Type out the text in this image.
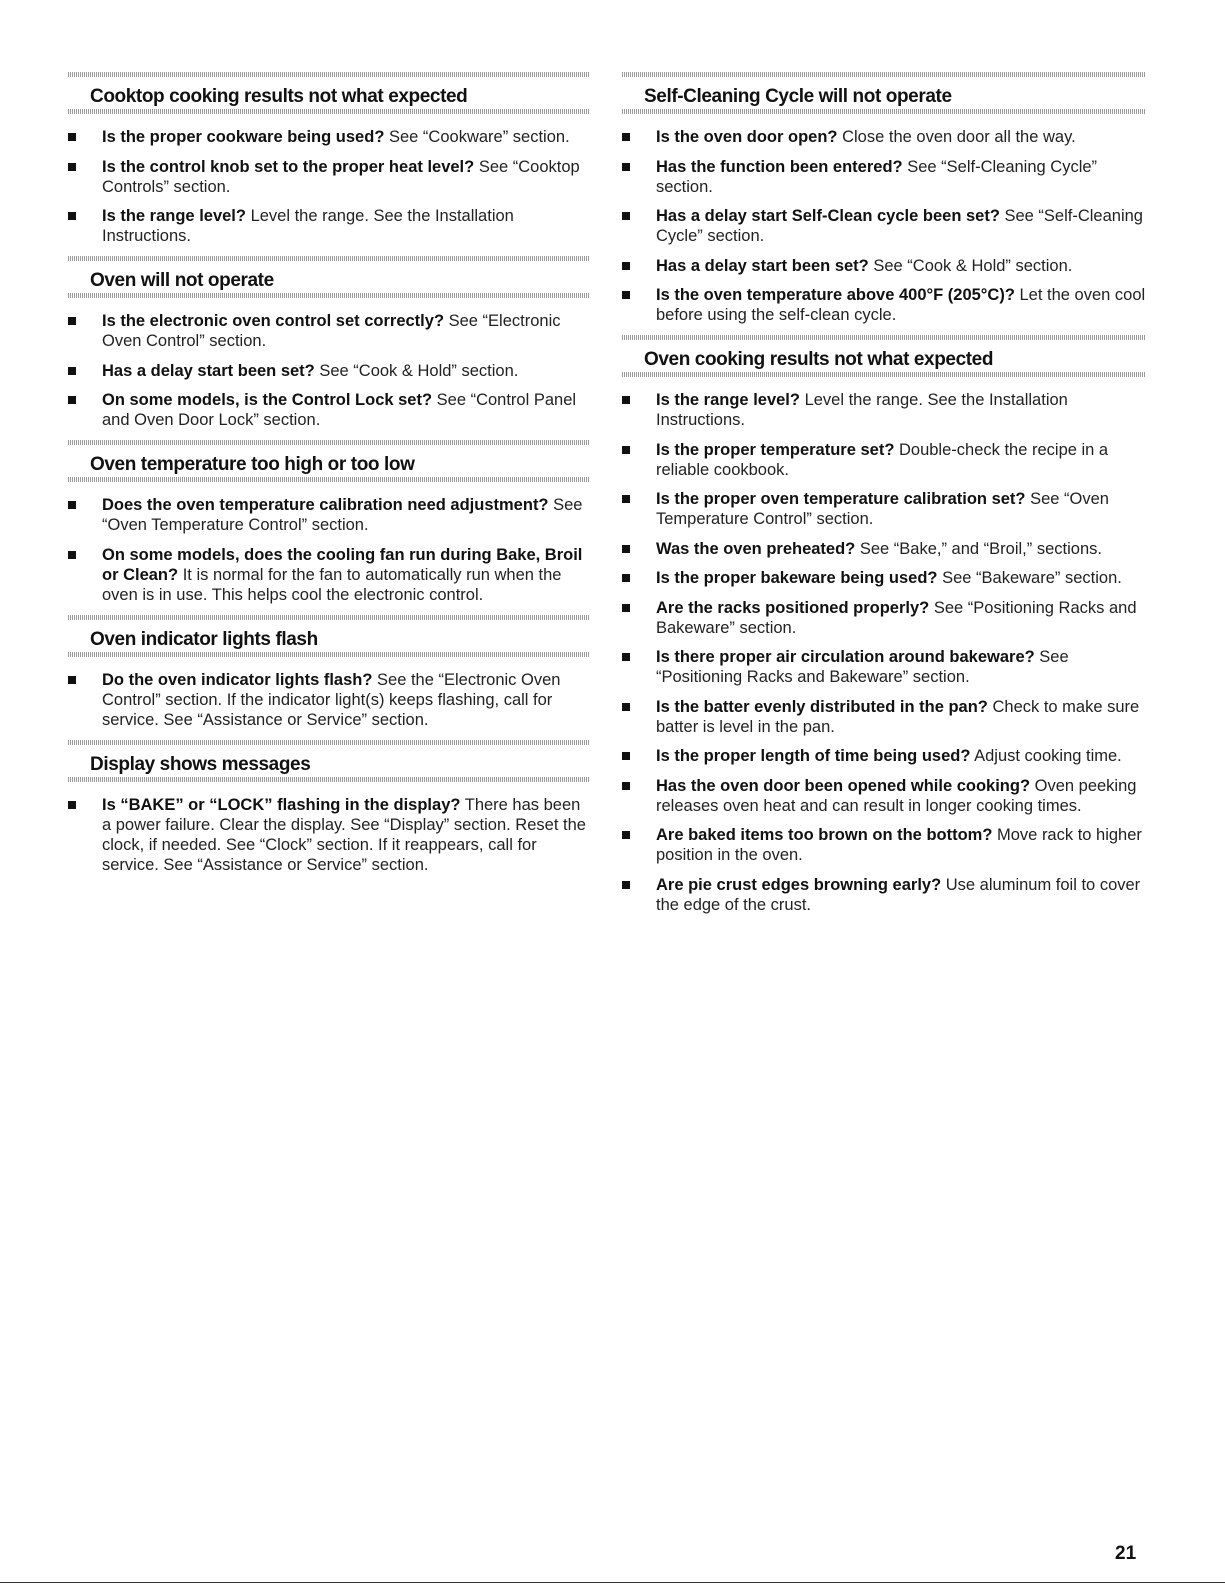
Cooktop cooking results not what expected
Is the proper cookware being used? See “Cookware” section.
Is the control knob set to the proper heat level? See “Cooktop Controls” section.
Is the range level? Level the range. See the Installation Instructions.
Oven will not operate
Is the electronic oven control set correctly? See “Electronic Oven Control” section.
Has a delay start been set? See “Cook & Hold” section.
On some models, is the Control Lock set? See “Control Panel and Oven Door Lock” section.
Oven temperature too high or too low
Does the oven temperature calibration need adjustment? See “Oven Temperature Control” section.
On some models, does the cooling fan run during Bake, Broil or Clean? It is normal for the fan to automatically run when the oven is in use. This helps cool the electronic control.
Oven indicator lights flash
Do the oven indicator lights flash? See the “Electronic Oven Control” section. If the indicator light(s) keeps flashing, call for service. See “Assistance or Service” section.
Display shows messages
Is “BAKE” or “LOCK” flashing in the display? There has been a power failure. Clear the display. See “Display” section. Reset the clock, if needed. See “Clock” section. If it reappears, call for service. See “Assistance or Service” section.
Self-Cleaning Cycle will not operate
Is the oven door open? Close the oven door all the way.
Has the function been entered? See “Self-Cleaning Cycle” section.
Has a delay start Self-Clean cycle been set? See “Self-Cleaning Cycle” section.
Has a delay start been set? See “Cook & Hold” section.
Is the oven temperature above 400°F (205°C)? Let the oven cool before using the self-clean cycle.
Oven cooking results not what expected
Is the range level? Level the range. See the Installation Instructions.
Is the proper temperature set? Double-check the recipe in a reliable cookbook.
Is the proper oven temperature calibration set? See “Oven Temperature Control” section.
Was the oven preheated? See “Bake,” and “Broil,” sections.
Is the proper bakeware being used? See “Bakeware” section.
Are the racks positioned properly? See “Positioning Racks and Bakeware” section.
Is there proper air circulation around bakeware? See “Positioning Racks and Bakeware” section.
Is the batter evenly distributed in the pan? Check to make sure batter is level in the pan.
Is the proper length of time being used? Adjust cooking time.
Has the oven door been opened while cooking? Oven peeking releases oven heat and can result in longer cooking times.
Are baked items too brown on the bottom? Move rack to higher position in the oven.
Are pie crust edges browning early? Use aluminum foil to cover the edge of the crust.
21
